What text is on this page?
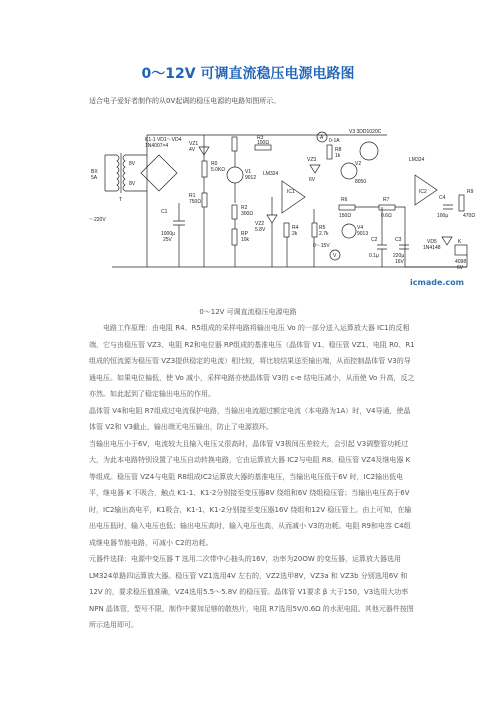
0～12V 可调直流稳压电源电路图

适合电子爱好者制作的从0V起调的稳压电源的电路知图所示。

K1-1 VD1～VD4
1N4007×4
BX
5A
～220V
T
8V
8V
C1
1000μ
25V
VZ1
4V
R1
750Ω
R0
5.0KΩ	V1
9012
R3
100Ω
LM324
R2
300Ω
RP
10k
VZ2
5.8V	R4
2k
IC1
R5
2.7k
0-1A
A
R8
1k
VZ3
6V
V2
8050
V3 3DD1020C
R6
150Ω
V4
9013
R7
0.6Ω
0～15V
V
C2
0.1μ
C3
220μ
16V
LM324
IC2
C4
100μ
R9
470Ω
VD5
1N4148
K
4098
6V
icmade.com

0～12V 可调直流稳压电源电路

电路工作原理：由电阻 R4、R5组成的采样电路将输出电压 Vo 的一部分送入运算放大器 IC1的反相端，它与由稳压管 VZ3、电阻 R2和电位器 RP组成的基准电压（晶体管 V1、稳压管 VZ1、电阻 R0、R1组成的恒流源为稳压管 VZ3提供稳定的电流）相比较，将比较结果送至输出端，从而控制晶体管 V3的导通电压。如果电位偏低，使 Vo 减小，采样电路亦使晶体管 V3的 c-e 结电压减小，从而使 Vo 升高，反之亦然。如此起到了稳定输出电压的作用。

晶体管 V4和电阻 R7组成过电流保护电路，当输出电流超过额定电流（本电路为1A）时，V4导通，使晶体管 V2和 V3截止，输出端无电压输出，防止了电源损坏。

当输出电压小于6V，电流较大且输入电压又很高时，晶体管 V3极间压差较大，会引起 V3调整管功耗过大，为此本电路特别设置了电压自动转换电路，它由运算放大器 IC2与电阻 R8、稳压管 VZ4及继电器 K 等组成。稳压管 VZ4与电阻 R8组成IC2运算放大器的基准电压，当输出电压低于6V 时，IC2输出低电平，继电器 K 不吸合，触点 K1-1、K1-2分别接至变压器8V 绕组和6V 绕组稳压管；当输出电压高于6V 时，IC2输出高电平，K1吸合，K1-1、K1-2分别接至变压器16V 绕组和12V 稳压管上。由上可知，在输出电压低时，输入电压也低；输出电压高时，输入电压也高，从而减小 V3的功耗。电阻 R9和电容 C4组成继电器节能电路，可减小 C2的功耗。

元器件选择：电源中变压器 T 选用二次带中心抽头的16V，功率为20OW 的变压器，运算放大器选用 LM324单路四运算放大器。稳压管 VZ1选用4V 左右的，VZ2选甲8V，VZ3a 和 VZ3b 分别选用6V 和12V 的，要求稳压值准确，VZ4选用5.5～5.8V 的稳压管。晶体管 V1要求 β 大于150，V3选用大功率 NPN 晶体管，型号不限，制作中要加足够的散热片，电阻 R7选用5V/0.6Ω 的水泥电阻。其他元器件按图所示选用即可。
